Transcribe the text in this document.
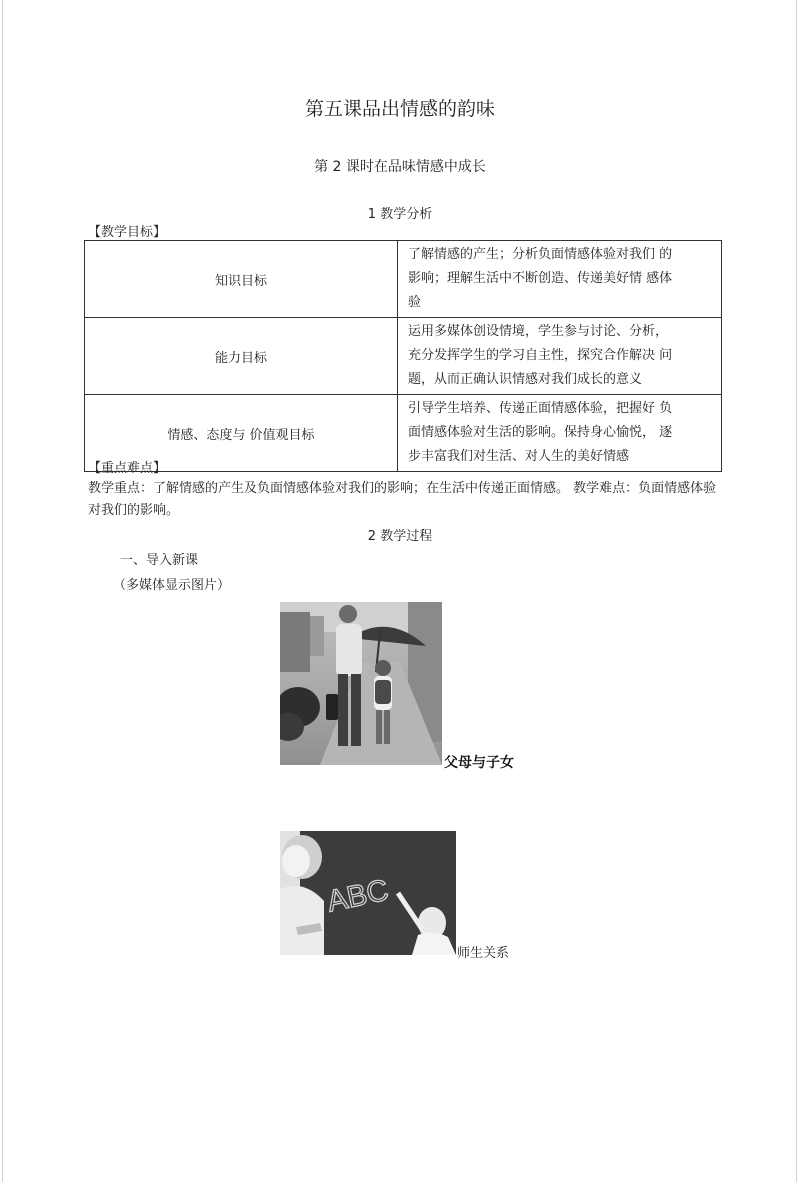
第五课品出情感的韵味
第 2 课时在品味情感中成长
1 教学分析
【教学目标】
知识目标	了解情感的产生；分析负面情感体验对我们 的
影响；理解生活中不断创造、传递美好情 感体
验

能力目标	运用多媒体创设情境，学生参与讨论、分析，
充分发挥学生的学习自主性，探究合作解决 问
题，从而正确认识情感对我们成长的意义

情感、态度与 价值观目标	引导学生培养、传递正面情感体验，把握好 负
面情感体验对生活的影响。保持身心愉悦， 逐
步丰富我们对生活、对人生的美好情感
【重点难点】
教学重点：了解情感的产生及负面情感体验对我们的影响；在生活中传递正面情感。 教学难点：负面情感体验对我们的影响。
2 教学过程
一、导入新课
（多媒体显示图片）
父母与子女
ABC
师生关系
